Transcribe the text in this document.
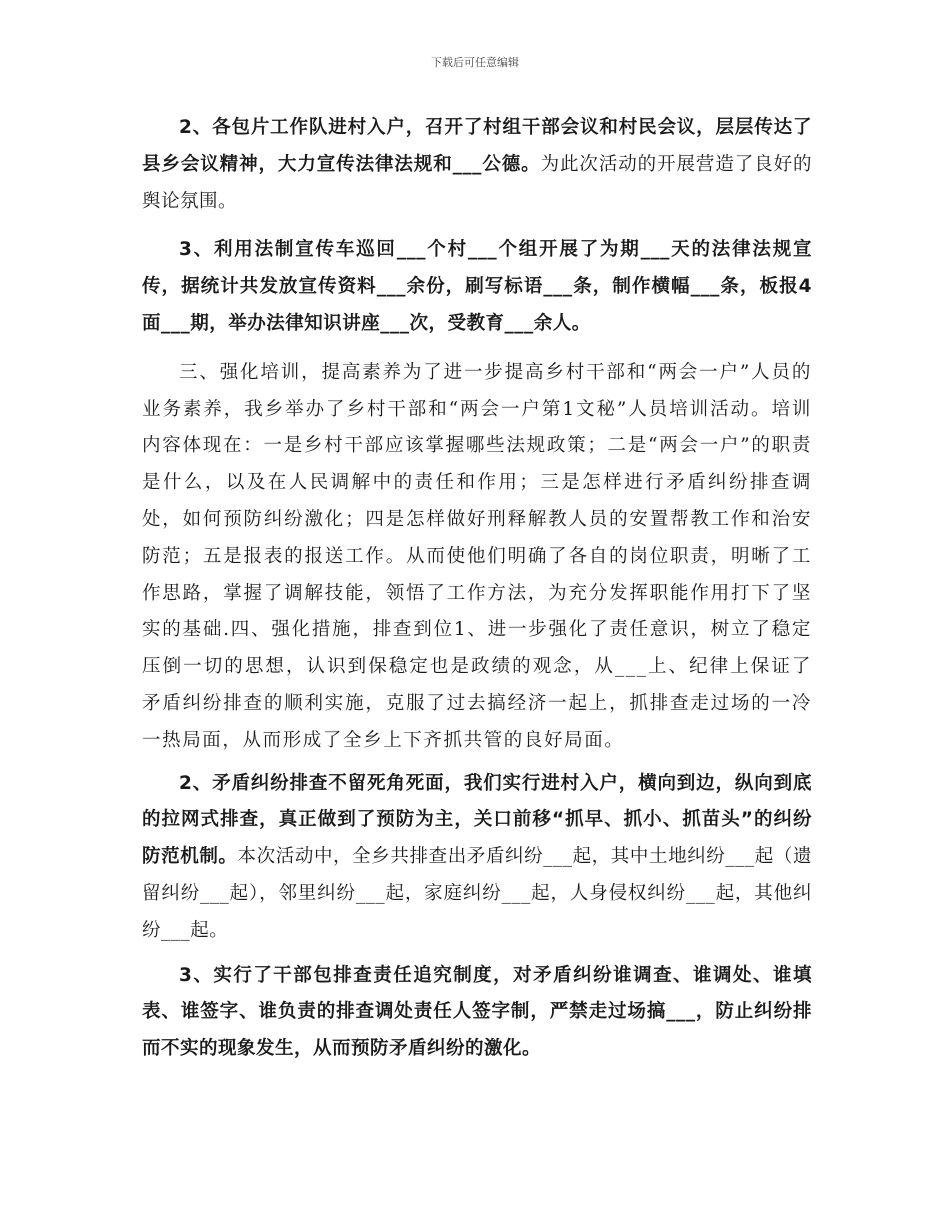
下载后可任意编辑

2、各包片工作队进村入户，召开了村组干部会议和村民会议，层层传达了县乡会议精神，大力宣传法律法规和___公德。为此次活动的开展营造了良好的舆论氛围。

3、利用法制宣传车巡回___个村___个组开展了为期___天的法律法规宣传，据统计共发放宣传资料___余份，刷写标语___条，制作横幅___条，板报4面___期，举办法律知识讲座___次，受教育___余人。

三、强化培训，提高素养为了进一步提高乡村干部和“两会一户”人员的业务素养，我乡举办了乡村干部和“两会一户第1文秘”人员培训活动。培训内容体现在：一是乡村干部应该掌握哪些法规政策；二是“两会一户”的职责是什么，以及在人民调解中的责任和作用；三是怎样进行矛盾纠纷排查调处，如何预防纠纷激化；四是怎样做好刑释解教人员的安置帮教工作和治安防范；五是报表的报送工作。从而使他们明确了各自的岗位职责，明晰了工作思路，掌握了调解技能，领悟了工作方法，为充分发挥职能作用打下了坚实的基础.四、强化措施，排查到位1、进一步强化了责任意识，树立了稳定压倒一切的思想，认识到保稳定也是政绩的观念，从___上、纪律上保证了矛盾纠纷排查的顺利实施，克服了过去搞经济一起上，抓排查走过场的一冷一热局面，从而形成了全乡上下齐抓共管的良好局面。

2、矛盾纠纷排查不留死角死面，我们实行进村入户，横向到边，纵向到底的拉网式排查，真正做到了预防为主，关口前移“抓早、抓小、抓苗头”的纠纷防范机制。本次活动中，全乡共排查出矛盾纠纷___起，其中土地纠纷___起（遗留纠纷___起），邻里纠纷___起，家庭纠纷___起，人身侵权纠纷___起，其他纠纷___起。

3、实行了干部包排查责任追究制度，对矛盾纠纷谁调查、谁调处、谁填表、谁签字、谁负责的排查调处责任人签字制，严禁走过场搞___，防止纠纷排而不实的现象发生，从而预防矛盾纠纷的激化。
